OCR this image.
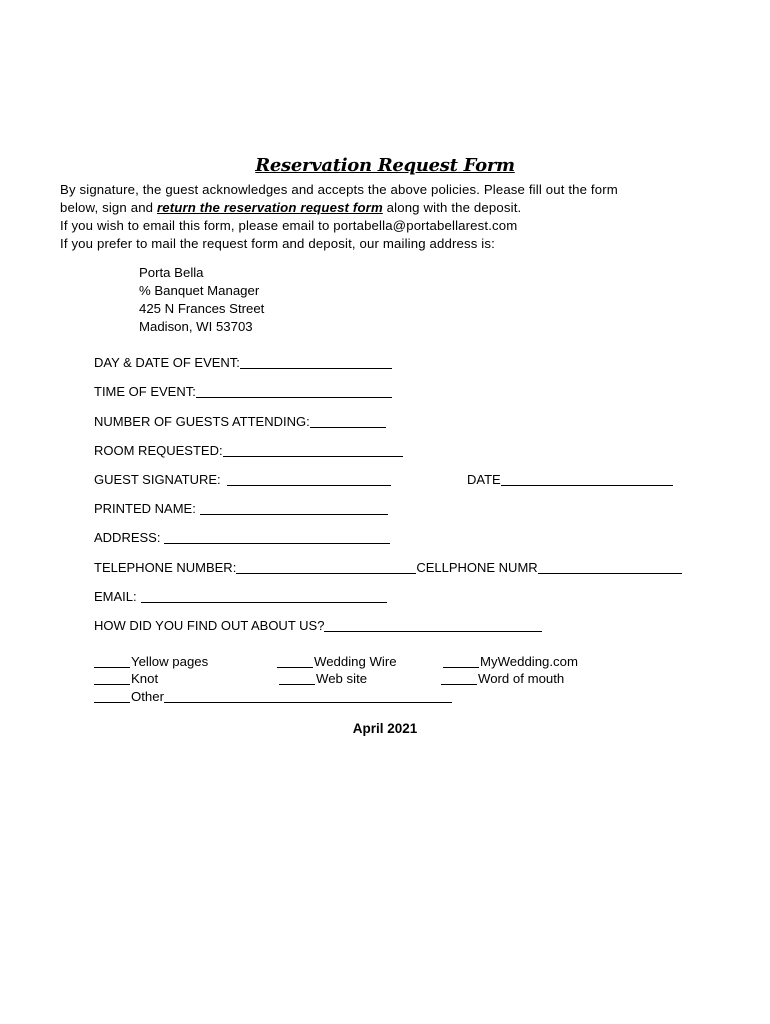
Reservation Request Form
By signature, the guest acknowledges and accepts the above policies. Please fill out the form
below, sign and return the reservation request form along with the deposit.
If you wish to email this form, please email to portabella@portabellarest.com
If you prefer to mail the request form and deposit, our mailing address is:
Porta Bella
% Banquet Manager
425 N Frances Street
Madison, WI 53703
DAY & DATE OF EVENT:
TIME OF EVENT:
NUMBER OF GUESTS ATTENDING:
ROOM REQUESTED:
GUEST SIGNATURE:	DATE
PRINTED NAME:
ADDRESS:
TELEPHONE NUMBER:	CELLPHONE NUMR
EMAIL:
HOW DID YOU FIND OUT ABOUT US?
Yellow pages	Wedding Wire	MyWedding.com
Knot	Web site	Word of mouth
Other
April 2021
